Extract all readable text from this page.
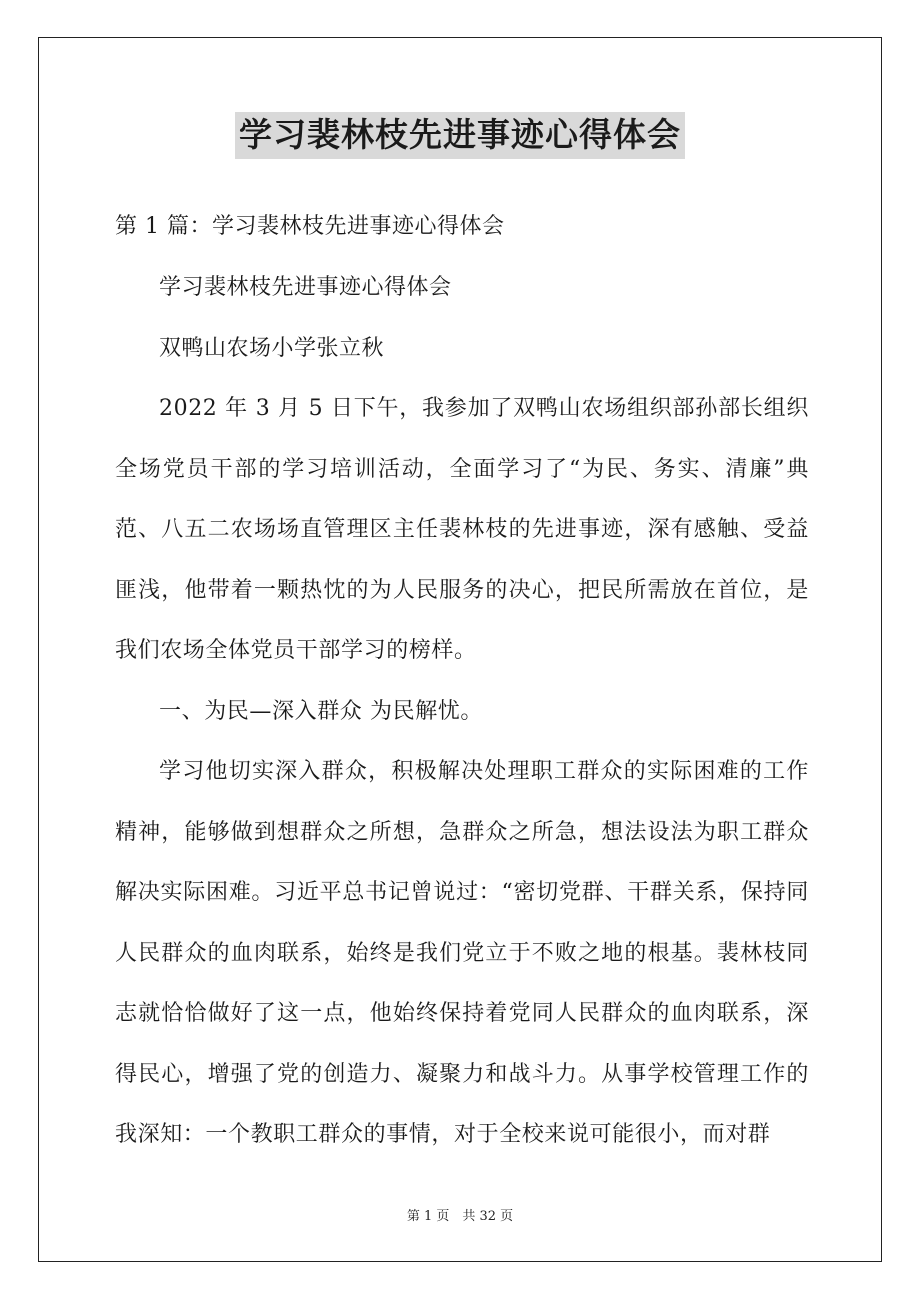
学习裴林枝先进事迹心得体会
第 1 篇：学习裴林枝先进事迹心得体会
学习裴林枝先进事迹心得体会
双鸭山农场小学张立秋
2022 年 3 月 5 日下午，我参加了双鸭山农场组织部孙部长组织全场党员干部的学习培训活动，全面学习了“为民、务实、清廉”典范、八五二农场场直管理区主任裴林枝的先进事迹，深有感触、受益匪浅，他带着一颗热忱的为人民服务的决心，把民所需放在首位，是我们农场全体党员干部学习的榜样。
一、为民—深入群众 为民解忧。
学习他切实深入群众，积极解决处理职工群众的实际困难的工作精神，能够做到想群众之所想，急群众之所急，想法设法为职工群众解决实际困难。习近平总书记曾说过：“密切党群、干群关系，保持同人民群众的血肉联系，始终是我们党立于不败之地的根基。裴林枝同志就恰恰做好了这一点，他始终保持着党同人民群众的血肉联系，深得民心，增强了党的创造力、凝聚力和战斗力。从事学校管理工作的我深知：一个教职工群众的事情，对于全校来说可能很小，而对群
第 1 页　共 32 页
